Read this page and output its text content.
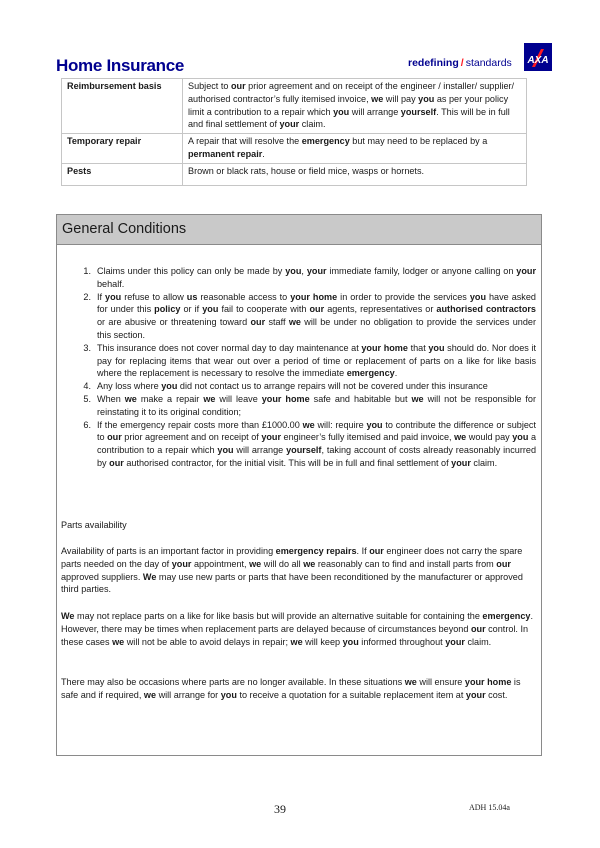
Home Insurance	redefining / standards AXA
Reimbursement basis	Subject to our prior agreement and on receipt of the engineer / installer/ supplier/ authorised contractor’s fully itemised invoice, we will pay you as per your policy limit a contribution to a repair which you will arrange yourself. This will be in full and final settlement of your claim.
Temporary repair	A repair that will resolve the emergency but may need to be replaced by a permanent repair.
Pests	Brown or black rats, house or field mice, wasps or hornets.
General Conditions
1. Claims under this policy can only be made by you, your immediate family, lodger or anyone calling on your behalf.
2. If you refuse to allow us reasonable access to your home in order to provide the services you have asked for under this policy or if you fail to cooperate with our agents, representatives or authorised contractors or are abusive or threatening toward our staff we will be under no obligation to provide the services under this section.
3. This insurance does not cover normal day to day maintenance at your home that you should do. Nor does it pay for replacing items that wear out over a period of time or replacement of parts on a like for like basis where the replacement is necessary to resolve the immediate emergency.
4. Any loss where you did not contact us to arrange repairs will not be covered under this insurance
5. When we make a repair we will leave your home safe and habitable but we will not be responsible for reinstating it to its original condition;
6. If the emergency repair costs more than £1000.00 we will: require you to contribute the difference or subject to our prior agreement and on receipt of your engineer’s fully itemised and paid invoice, we would pay you a contribution to a repair which you will arrange yourself, taking account of costs already reasonably incurred by our authorised contractor, for the initial visit. This will be in full and final settlement of your claim.
Parts availability
Availability of parts is an important factor in providing emergency repairs. If our engineer does not carry the spare parts needed on the day of your appointment, we will do all we reasonably can to find and install parts from our approved suppliers. We may use new parts or parts that have been reconditioned by the manufacturer or approved third parties.
We may not replace parts on a like for like basis but will provide an alternative suitable for containing the emergency. However, there may be times when replacement parts are delayed because of circumstances beyond our control. In these cases we will not be able to avoid delays in repair; we will keep you informed throughout your claim.
There may also be occasions where parts are no longer available. In these situations we will ensure your home is safe and if required, we will arrange for you to receive a quotation for a suitable replacement item at your cost.
39	ADH 15.04a
